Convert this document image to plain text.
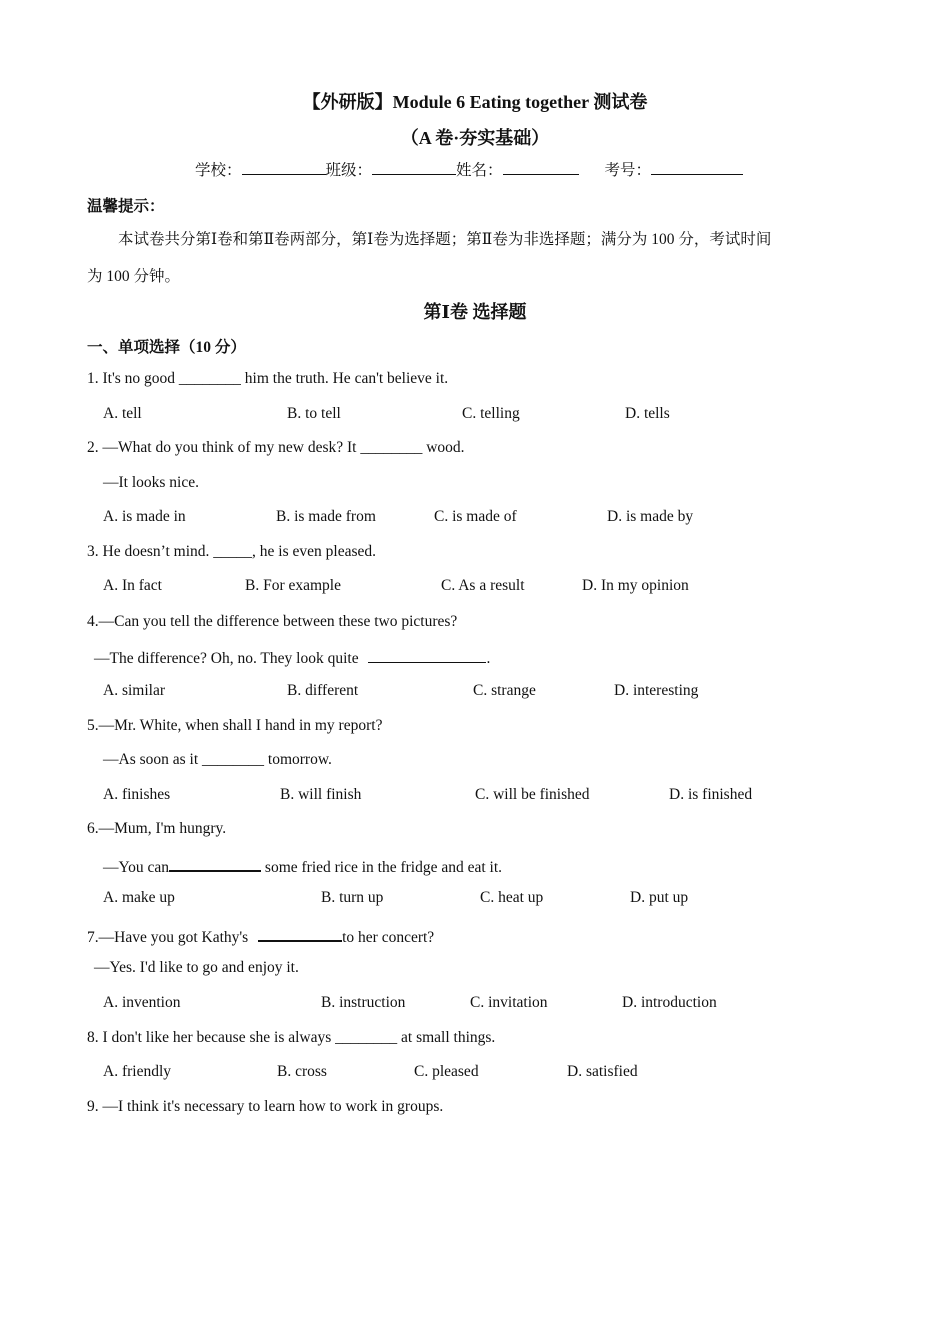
【外研版】Module 6 Eating together 测试卷
（A 卷·夯实基础）
学校：	班级：	姓名：	考号：
温馨提示：
本试卷共分第Ⅰ卷和第Ⅱ卷两部分，第Ⅰ卷为选择题；第Ⅱ卷为非选择题；满分为 100 分，考试时间
为 100 分钟。
第Ⅰ卷 选择题
一、单项选择（10 分）
1. It's no good ________ him the truth. He can't believe it.
A. tell	B. to tell	C. telling	D. tells
2. —What do you think of my new desk? It ________ wood.
—It looks nice.
A. is made in	B. is made from	C. is made of	D. is made by
3. He doesn’t mind. _____, he is even pleased.
A. In fact	B. For example	C. As a result	D. In my opinion
4.—Can you tell the difference between these two pictures?
—The difference? Oh, no. They look quite	.
A. similar	B. different	C. strange	D. interesting
5.—Mr. White, when shall I hand in my report?
—As soon as it ________ tomorrow.
A. finishes	B. will finish	C. will be finished	D. is finished
6.—Mum, I'm hungry.
—You can	some fried rice in the fridge and eat it.
A. make up	B. turn up	C. heat up	D. put up
7.—Have you got Kathy's	to her concert?
—Yes. I'd like to go and enjoy it.
A. invention	B. instruction	C. invitation	D. introduction
8. I don't like her because she is always ________ at small things.
A. friendly	B. cross	C. pleased	D. satisfied
9. —I think it's necessary to learn how to work in groups.
